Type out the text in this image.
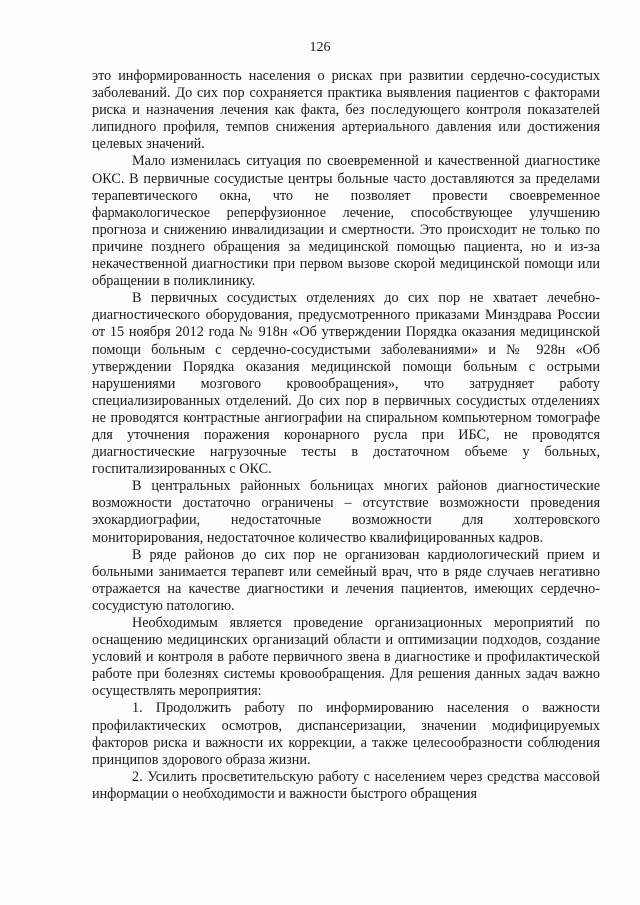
126

это информированность населения о рисках при развитии сердечно-сосудистых заболеваний. До сих пор сохраняется практика выявления пациентов с факторами риска и назначения лечения как факта, без последующего контроля показателей липидного профиля, темпов снижения артериального давления или достижения целевых значений.

Мало изменилась ситуация по своевременной и качественной диагностике ОКС. В первичные сосудистые центры больные часто доставляются за пределами терапевтического окна, что не позволяет провести своевременное фармакологическое реперфузионное лечение, способствующее улучшению прогноза и снижению инвалидизации и смертности. Это происходит не только по причине позднего обращения за медицинской помощью пациента, но и из-за некачественной диагностики при первом вызове скорой медицинской помощи или обращении в поликлинику.

В первичных сосудистых отделениях до сих пор не хватает лечебно-диагностического оборудования, предусмотренного приказами Минздрава России от 15 ноября 2012 года № 918н «Об утверждении Порядка оказания медицинской помощи больным с сердечно-сосудистыми заболеваниями» и № 928н «Об утверждении Порядка оказания медицинской помощи больным с острыми нарушениями мозгового кровообращения», что затрудняет работу специализированных отделений. До сих пор в первичных сосудистых отделениях не проводятся контрастные ангиографии на спиральном компьютерном томографе для уточнения поражения коронарного русла при ИБС, не проводятся диагностические нагрузочные тесты в достаточном объеме у больных, госпитализированных с ОКС.

В центральных районных больницах многих районов диагностические возможности достаточно ограничены – отсутствие возможности проведения эхокардиографии, недостаточные возможности для холтеровского мониторирования, недостаточное количество квалифицированных кадров.

В ряде районов до сих пор не организован кардиологический прием и больными занимается терапевт или семейный врач, что в ряде случаев негативно отражается на качестве диагностики и лечения пациентов, имеющих сердечно-сосудистую патологию.

Необходимым является проведение организационных мероприятий по оснащению медицинских организаций области и оптимизации подходов, создание условий и контроля в работе первичного звена в диагностике и профилактической работе при болезнях системы кровообращения. Для решения данных задач важно осуществлять мероприятия:

1. Продолжить работу по информированию населения о важности профилактических осмотров, диспансеризации, значении модифицируемых факторов риска и важности их коррекции, а также целесообразности соблюдения принципов здорового образа жизни.

2. Усилить просветительскую работу с населением через средства массовой информации о необходимости и важности быстрого обращения
